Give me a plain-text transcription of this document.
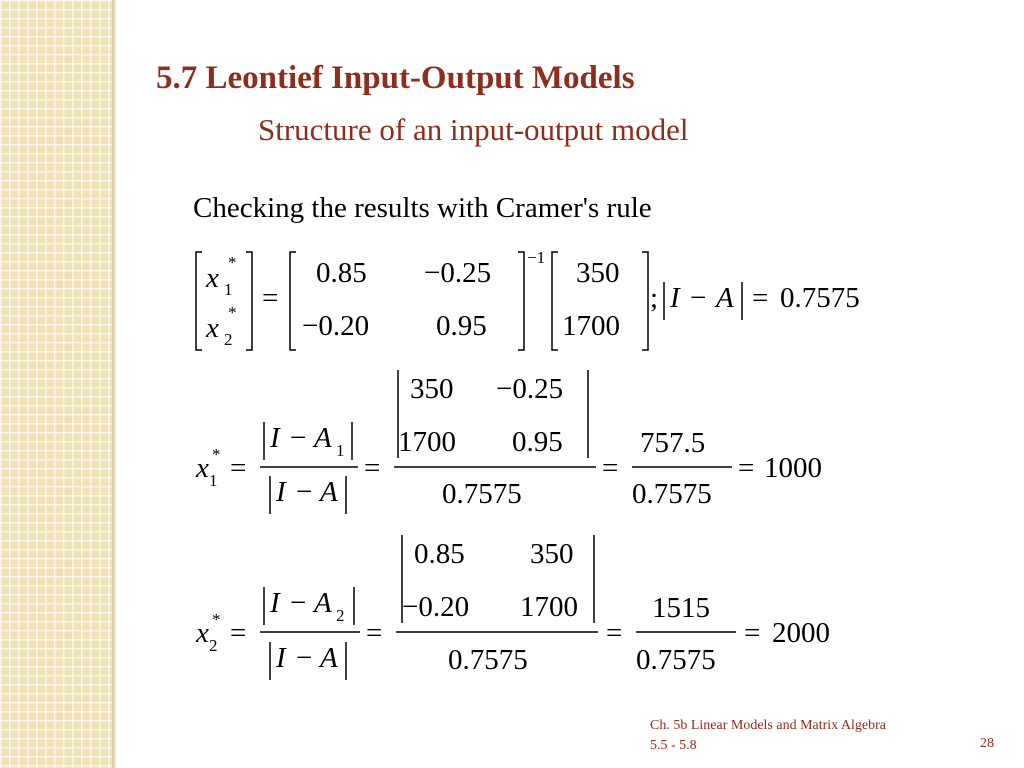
5.7 Leontief Input-Output Models
Structure of an input-output model
Checking the results with Cramer's rule
x *
1
x *
2
=
0.85 −0.25
−0.20 0.95
−1 350
1700
; I − A = 0.7575
x *
1 =
I − A 1
I − A
=
350 −0.25
1700 0.95
0.7575
=
757.5
0.7575
= 1000
x *
2 =
I − A 2
I − A
=
0.85 350
−0.20 1700
0.7575
=
1515
0.7575
= 2000
Ch. 5b Linear Models and Matrix Algebra
5.5 - 5.8	28
